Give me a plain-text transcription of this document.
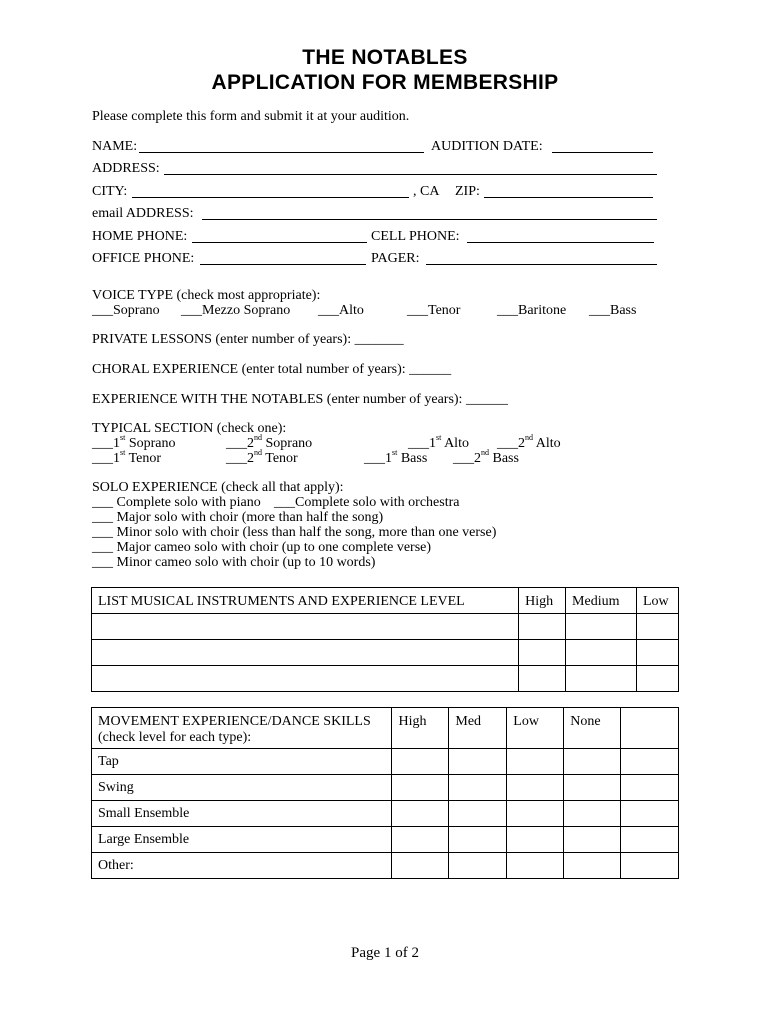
THE NOTABLES
APPLICATION FOR MEMBERSHIP
Please complete this form and submit it at your audition.
NAME:	AUDITION DATE:
ADDRESS:
CITY:	, CA ZIP:
email ADDRESS:
HOME PHONE:	CELL PHONE:
OFFICE PHONE:	PAGER:
VOICE TYPE (check most appropriate):
___Soprano ___Mezzo Soprano ___Alto	___Tenor	___Baritone ___Bass
PRIVATE LESSONS (enter number of years): _______
CHORAL EXPERIENCE (enter total number of years): ______
EXPERIENCE WITH THE NOTABLES (enter number of years): ______
TYPICAL SECTION (check one):
___1st Soprano	___2nd Soprano	___1st Alto ___2nd Alto
___1st Tenor	___2nd Tenor	___1st Bass ___2nd Bass
SOLO EXPERIENCE (check all that apply):
___ Complete solo with piano ___Complete solo with orchestra
___ Major solo with choir (more than half the song)
___ Minor solo with choir (less than half the song, more than one verse)
___ Major cameo solo with choir (up to one complete verse)
___ Minor cameo solo with choir (up to 10 words)
LIST MUSICAL INSTRUMENTS AND EXPERIENCE LEVEL	High	Medium	Low

MOVEMENT EXPERIENCE/DANCE SKILLS
(check level for each type):	High	Med	Low	None	
Tap					
Swing					
Small Ensemble					
Large Ensemble					
Other:					
Page 1 of 2
